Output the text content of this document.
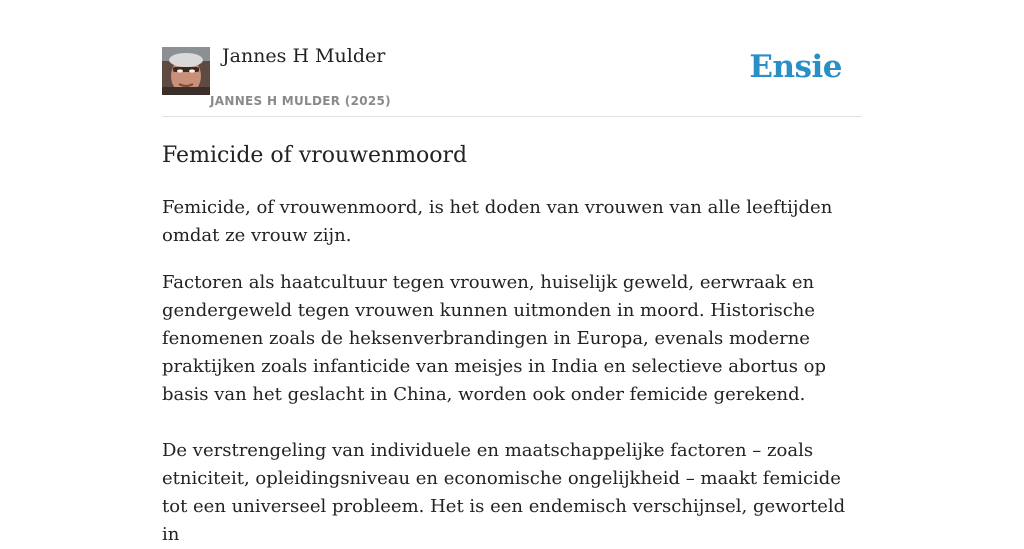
Jannes H Mulder
JANNES H MULDER (2025)
Ensie
Femicide of vrouwenmoord

Femicide, of vrouwenmoord, is het doden van vrouwen van alle leeftijden omdat ze vrouw zijn.

Factoren als haatcultuur tegen vrouwen, huiselijk geweld, eerwraak en gendergeweld tegen vrouwen kunnen uitmonden in moord. Historische fenomenen zoals de heksenverbrandingen in Europa, evenals moderne praktijken zoals infanticide van meisjes in India en selectieve abortus op basis van het geslacht in China, worden ook onder femicide gerekend.

De verstrengeling van individuele en maatschappelijke factoren – zoals etniciteit, opleidingsniveau en economische ongelijkheid – maakt femicide tot een universeel probleem. Het is een endemisch verschijnsel, geworteld in
